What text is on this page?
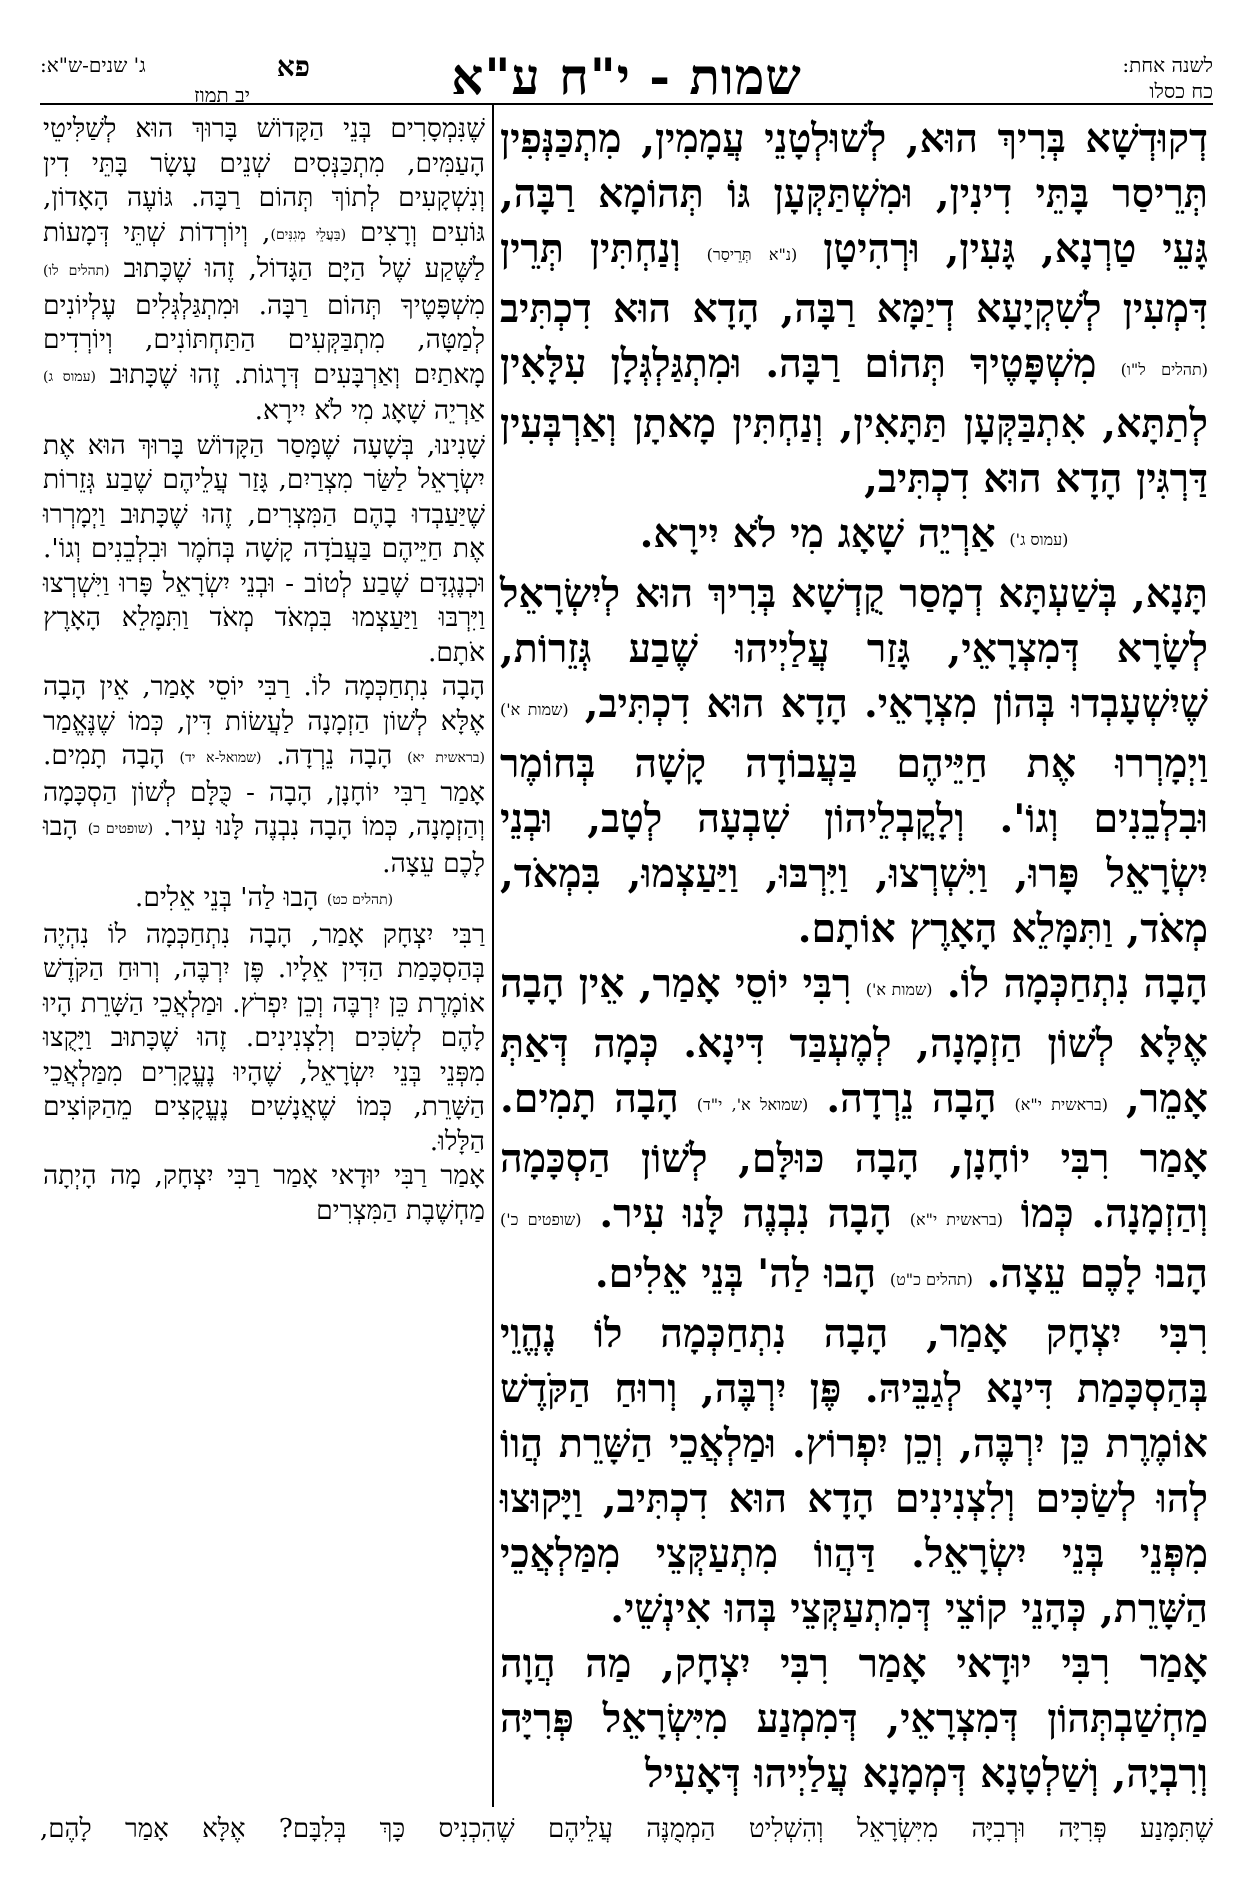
לשנה אחת:
כח כסלו
שמות - י"ח ע"א
ג' שנים-ש"א:	פא
יב תמוז

דְקוּדְשָׁא בְּרִיךְ הוּא, לְשׁוּלְטָנֵי עֲמָמִין, מִתְכַּנְּפִין תְּרֵיסַר בָּתֵּי דִינִין, וּמִשְׁתַּקְּעָן גּוֹ תְּהוֹמָא רַבָּה, גָּעֵי טַרְנָא, גָּעִין, וּרְהִיטָן (נ"א תְּרֵיסַר) וְנַחְתִּין תְּרֵין דִּמְעִין לְשִׁקְיָעָא דְיַמָּא רַבָּה, הָדָא הוּא דִכְתִּיב (תהלים ל"ו) מִשְׁפָּטֶיךָ תְּהוֹם רַבָּה. וּמִתְגַּלְגְּלָן עִלָּאִין לְתַתָּא, אִתְבַּקְּעָן תַּתָּאִין, וְנַחְתִּין מָאתָן וְאַרְבְּעִין דַּרְגִּין הָדָא הוּא דִכְתִּיב,

(עמוס ג') אַרְיֵה שָׁאָג מִי לֹא יִירָא.

תָּנָא, בְּשַׁעְתָּא דְמָסַר קֻדְשָׁא בְּרִיךְ הוּא לְיִשְׂרָאֵל לְשָׂרָא דְּמִצְרָאֵי, גָּזַר עֲלַיְיהוּ שֶׁבַע גְּזֵרוֹת, שֶׁיִשְׁעָבְדוּ בְּהוֹן מִצְרָאֵי. הָדָא הוּא דִכְתִּיב, (שמות א') וַיְמָרְרוּ אֶת חַיֵּיהֶם בַּעֲבוֹדָה קָשָׁה בְּחוֹמֶר וּבִלְבֵנִים וְגוֹ'. וְלָקֳבְלֵיהוֹן שִׁבְעָה לְטָב, וּבְנֵי יִשְׂרָאֵל פָּרוּ, וַיִּשְׁרְצוּ, וַיִּרְבּוּ, וַיַּעַצְמוּ, בִּמְאֹד, מְאֹד, וַתִּמָּלֵא הָאָרֶץ אוֹתָם.

הָבָה נִתְחַכְּמָה לוֹ. (שמות א') רִבִּי יוֹסֵי אָמַר, אֵין הָבָה אֶלָּא לְשׁוֹן הַזְמָנָה, לְמֶעְבַּד דִּינָא. כְּמָה דְּאַתְּ אָמֵר, (בראשית י"א) הָבָה נֵרְדָה. (שמואל א', י"ד) הָבָה תָמִים. אָמַר רִבִּי יוֹחָנָן, הָבָה כּוּלָּם, לְשׁוֹן הַסְכָּמָה וְהַזְמָנָה. כְּמוֹ (בראשית י"א) הָבָה נִבְנֶה לָּנוּ עִיר. (שופטים כ') הָבוּ לָכֶם עֵצָה. (תהלים כ"ט) הָבוּ לַה' בְּנֵי אֵלִים.

רִבִּי יִצְחָק אָמַר, הָבָה נִתְחַכְּמָה לוֹ נֶהֱוֵי בְּהַסְכָּמַת דִּינָא לְגַבֵּיהּ. פֶּן יִרְבֶּה, וְרוּחַ הַקֹּדֶשׁ אוֹמֶרֶת כֵּן יִרְבֶּה, וְכֵן יִפְרוֹץ. וּמַלְאֲכֵי הַשָּׁרֵת הֲווֹ לְהוּ לְשַׂכִּים וְלִצְנִינִים הָדָא הוּא דִכְתִּיב, וַיָּקוּצוּ מִפְּנֵי בְּנֵי יִשְׂרָאֵל. דַּהֲווֹ מִתְעַקְּצֵי מִמַּלְאֲכֵי הַשָּׁרֵת, כְּהָנֵי קוֹצֵי דְּמִתְעַקְּצֵי בְּהוּ אִינְשֵׁי.

אָמַר רִבִּי יוּדָאי אָמַר רִבִּי יִצְחָק, מַה הֲוָה מַחְשַׁבְתְּהוֹן דְּמִצְרָאֵי, דְּמִמְנַע מִיִּשְׂרָאֵל פְּרִיָּה וְרִבְיָה, וְשַׁלְטָנָא דְּמְמָנָא עֲלַיְיהוּ דְּאָעִיל

שֶׁנִּמְסָרִים בְּנֵי הַקָּדוֹשׁ בָּרוּךְ הוּא לְשַׁלִּיטֵי הָעַמִּים, מִתְכַּנְּסִים שְׁנֵים עָשָׂר בָּתֵּי דִין וְנִשְׁקָעִים לְתוֹךְ תְּהוֹם רַבָּה. גּוֹעֶה הָאָדוֹן, גּוֹעִים וְרָצִים (בַּעֲלֵי מְגִנִּים), וְיוֹרְדוֹת שְׁתֵּי דְּמָעוֹת לַשֶּׁקַע שֶׁל הַיָּם הַגָּדוֹל, זֶהוּ שֶׁכָּתוּב (תהלים לו) מִשְׁפָּטֶיךָ תְּהוֹם רַבָּה. וּמִתְגַּלְגְּלִים עֶלְיוֹנִים לְמַטָּה, מִתְבַּקְּעִים הַתַּחְתּוֹנִים, וְיוֹרְדִים מָאתַיִם וְאַרְבָּעִים דְּרָגוֹת. זֶהוּ שֶׁכָּתוּב (עמוס ג) אַרְיֵה שָׁאָג מִי לֹא יִירָא.

שָׁנִינוּ, בְּשָׁעָה שֶׁמָּסַר הַקָּדוֹשׁ בָּרוּךְ הוּא אֶת יִשְׂרָאֵל לַשַּׂר מִצְרַיִם, גָּזַר עֲלֵיהֶם שֶׁבַע גְּזֵרוֹת שֶׁיַּעַבְדוּ בָהֶם הַמִּצְרִים, זֶהוּ שֶׁכָּתוּב וַיְמָרְרוּ אֶת חַיֵּיהֶם בַּעֲבֹדָה קָשָׁה בְּחֹמֶר וּבִלְבֵנִים וְגוֹ'. וּכְנֶגְדָּם שֶׁבַע לְטוֹב - וּבְנֵי יִשְׂרָאֵל פָּרוּ וַיִּשְׁרְצוּ וַיִּרְבּוּ וַיַּעַצְמוּ בִּמְאֹד מְאֹד וַתִּמָּלֵא הָאָרֶץ אֹתָם.

הָבָה נִתְחַכְּמָה לוֹ. רַבִּי יוֹסֵי אָמַר, אֵין הָבָה אֶלָּא לְשׁוֹן הַזְמָנָה לַעֲשׂוֹת דִּין, כְּמוֹ שֶׁנֶּאֱמַר (בראשית יא) הָבָה נֵרְדָה. (שמואל-א יד) הָבָה תָמִים. אָמַר רַבִּי יוֹחָנָן, הָבָה - כֻּלָּם לְשׁוֹן הַסְכָּמָה וְהַזְמָנָה, כְּמוֹ הָבָה נִבְנֶה לָּנוּ עִיר. (שופטים כ) הָבוּ לָכֶם עֵצָה.

(תהלים כט) הָבוּ לַה' בְּנֵי אֵלִים.

רַבִּי יִצְחָק אָמַר, הָבָה נִתְחַכְּמָה לוֹ נִהְיֶה בְּהַסְכָּמַת הַדִּין אֵלָיו. פֶּן יִרְבֶּה, וְרוּחַ הַקֹּדֶשׁ אוֹמֶרֶת כֵּן יִרְבֶּה וְכֵן יִפְרֹץ. וּמַלְאֲכֵי הַשָּׁרֵת הָיוּ לָהֶם לְשִׂכִּים וְלִצְנִינִים. זֶהוּ שֶׁכָּתוּב וַיָּקֻצוּ מִפְּנֵי בְּנֵי יִשְׂרָאֵל, שֶׁהָיוּ נֶעֱקָרִים מִמַּלְאֲכֵי הַשָּׁרֵת, כְּמוֹ שֶׁאֲנָשִׁים נֶעֱקָצִים מֵהַקּוֹצִים הַלָּלוּ.

אָמַר רַבִּי יוּדָאי אָמַר רַבִּי יִצְחָק, מָה הָיְתָה מַחְשֶׁבֶת הַמִּצְרִים

שֶׁתִּמָּנַע פְּרִיָּה וּרְבִיָּה מִיִּשְׂרָאֵל וְהִשְׁלִיט הַמְמֻנֶּה עֲלֵיהֶם שֶׁהִכְנִיס כָּךְ בְּלִבָּם? אֶלָּא אָמַר לָהֶם,
